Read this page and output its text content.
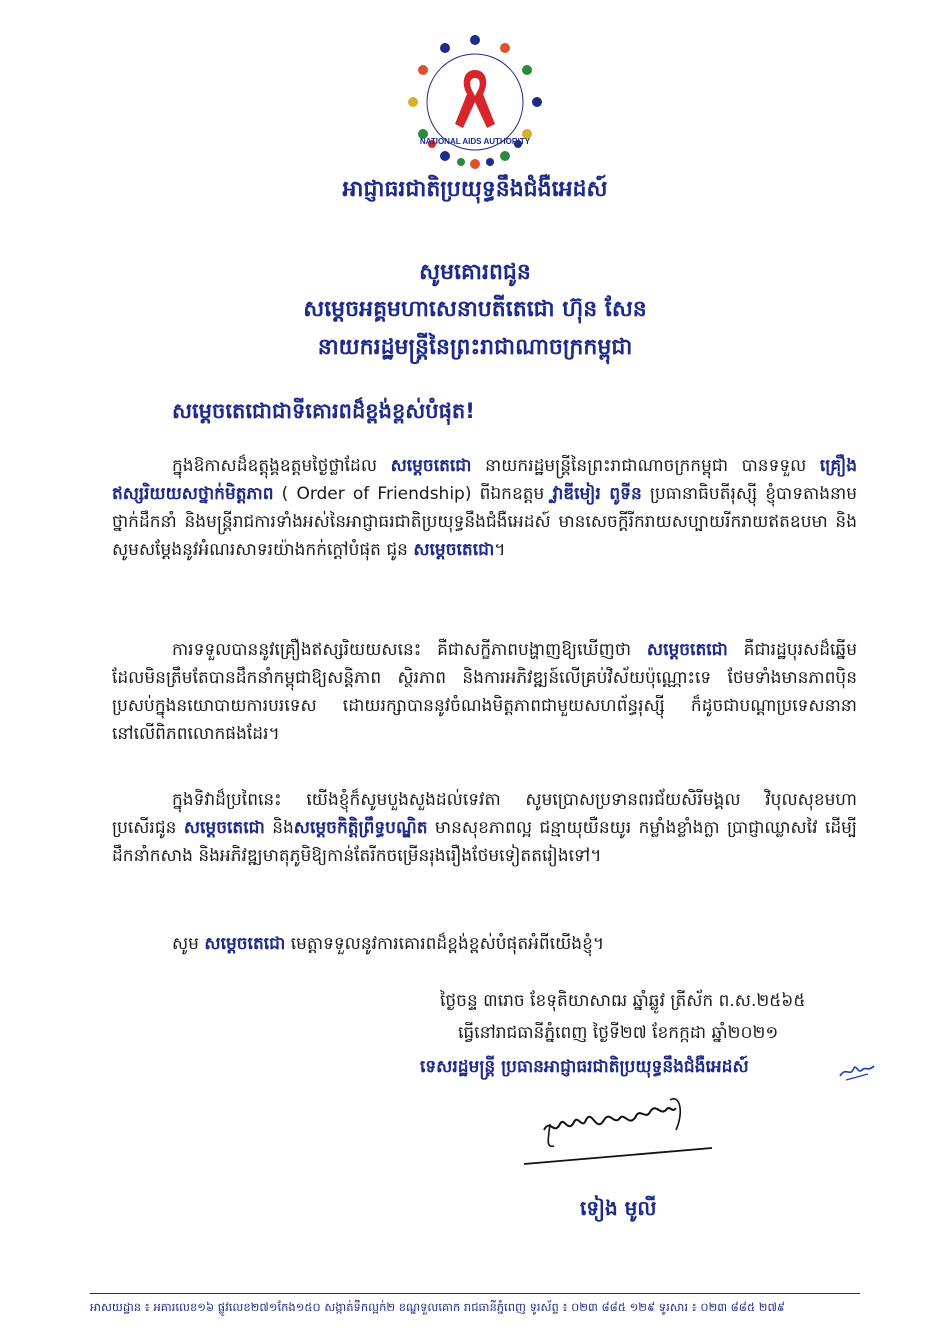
NATIONAL AIDS AUTHORITY
អាជ្ញាធរជាតិប្រយុទ្ធនឹងជំងឺអេដស៍
សូមគោរពជូន
សម្តេចអគ្គមហាសេនាបតីតេជោ ហ៊ុន សែន
នាយករដ្ឋមន្ត្រីនៃព្រះរាជាណាចក្រកម្ពុជា
សម្តេចតេជោជាទីគោរពដ៏ខ្ពង់ខ្ពស់បំផុត!
ក្នុងឱកាសដ៏ឧត្តុង្គឧត្តមថ្ងៃថ្លាដែល សម្តេចតេជោ នាយករដ្ឋមន្ត្រីនៃព្រះរាជាណាចក្រកម្ពុជា បានទទួល គ្រឿងឥស្សរិយយសថ្នាក់មិត្តភាព ( Order of Friendship) ពីឯកឧត្តម វ្លាឌីមៀរ ពូទីន ប្រធានាធិបតីរុស្ស៊ី ខ្ញុំបាទតាងនាមថ្នាក់ដឹកនាំ និងមន្ត្រីរាជការទាំងអស់នៃអាជ្ញាធរជាតិប្រយុទ្ធនឹងជំងឺអេដស៍ មានសេចក្តីរីករាយសប្បាយរីករាយឥតឧបមា និងសូមសម្តែងនូវអំណរសាទរយ៉ាងកក់ក្តៅបំផុត ជូន សម្តេចតេជោ។
ការទទួលបាននូវគ្រឿងឥស្សរិយយសនេះ គឺជាសក្ខីភាពបង្ហាញឱ្យឃើញថា សម្តេចតេជោ គឺជារដ្ឋបុរសដ៏ឆ្នើមដែលមិនត្រឹមតែបានដឹកនាំកម្ពុជាឱ្យសន្តិភាព ស្ថិរភាព និងការអភិវឌ្ឍន៍លើគ្រប់វិស័យប៉ុណ្ណោះទេ ថែមទាំងមានភាពប៉ិនប្រសប់ក្នុងនយោបាយការបរទេស ដោយរក្សាបាននូវចំណងមិត្តភាពជាមួយសហព័ន្ធរុស្ស៊ី ក៏ដូចជាបណ្តាប្រទេសនានានៅលើពិភពលោកផងដែរ។
ក្នុងទិវាដ៏ប្រពៃនេះ យើងខ្ញុំក៏សូមបួងសួងដល់ទេវតា សូមប្រោសប្រទានពរជ័យសិរីមង្គល វិបុលសុខមហាប្រសើរជូន សម្តេចតេជោ និងសម្តេចកិត្តិព្រឹទ្ធបណ្ឌិត មានសុខភាពល្អ ជន្មាយុយឺនយូរ កម្លាំងខ្លាំងក្លា ប្រាជ្ញាឈ្លាសវៃ ដើម្បីដឹកនាំកសាង និងអភិវឌ្ឍមាតុភូមិឱ្យកាន់តែរីកចម្រើនរុងរឿងថែមទៀតតរៀងទៅ។
សូម សម្តេចតេជោ មេត្តាទទួលនូវការគោរពដ៏ខ្ពង់ខ្ពស់បំផុតអំពីយើងខ្ញុំ។
ថ្ងៃចន្ទ ៣រោច ខែទុតិយាសាឍ ឆ្នាំឆ្លូវ ត្រីស័ក ព.ស.២៥៦៥
ធ្វើនៅរាជធានីភ្នំពេញ ថ្ងៃទី២៧ ខែកក្កដា ឆ្នាំ២០២១
ទេសរដ្ឋមន្ត្រី ប្រធានអាជ្ញាធរជាតិប្រយុទ្ធនឹងជំងឺអេដស៍
ទៀង មូលី
អាសយដ្ឋាន ៖ អគារលេខ១៦ ផ្លូវលេខ២៧១កែង១៥០ សង្កាត់ទឹកល្អក់២ ខណ្ឌទួលគោក រាជធានីភ្នំពេញ ទូរស័ព្ទ ៖ ០២៣ ៨៨៥ ១២៩ ទូរសារ ៖ ០២៣ ៨៨៥ ២៧៩
